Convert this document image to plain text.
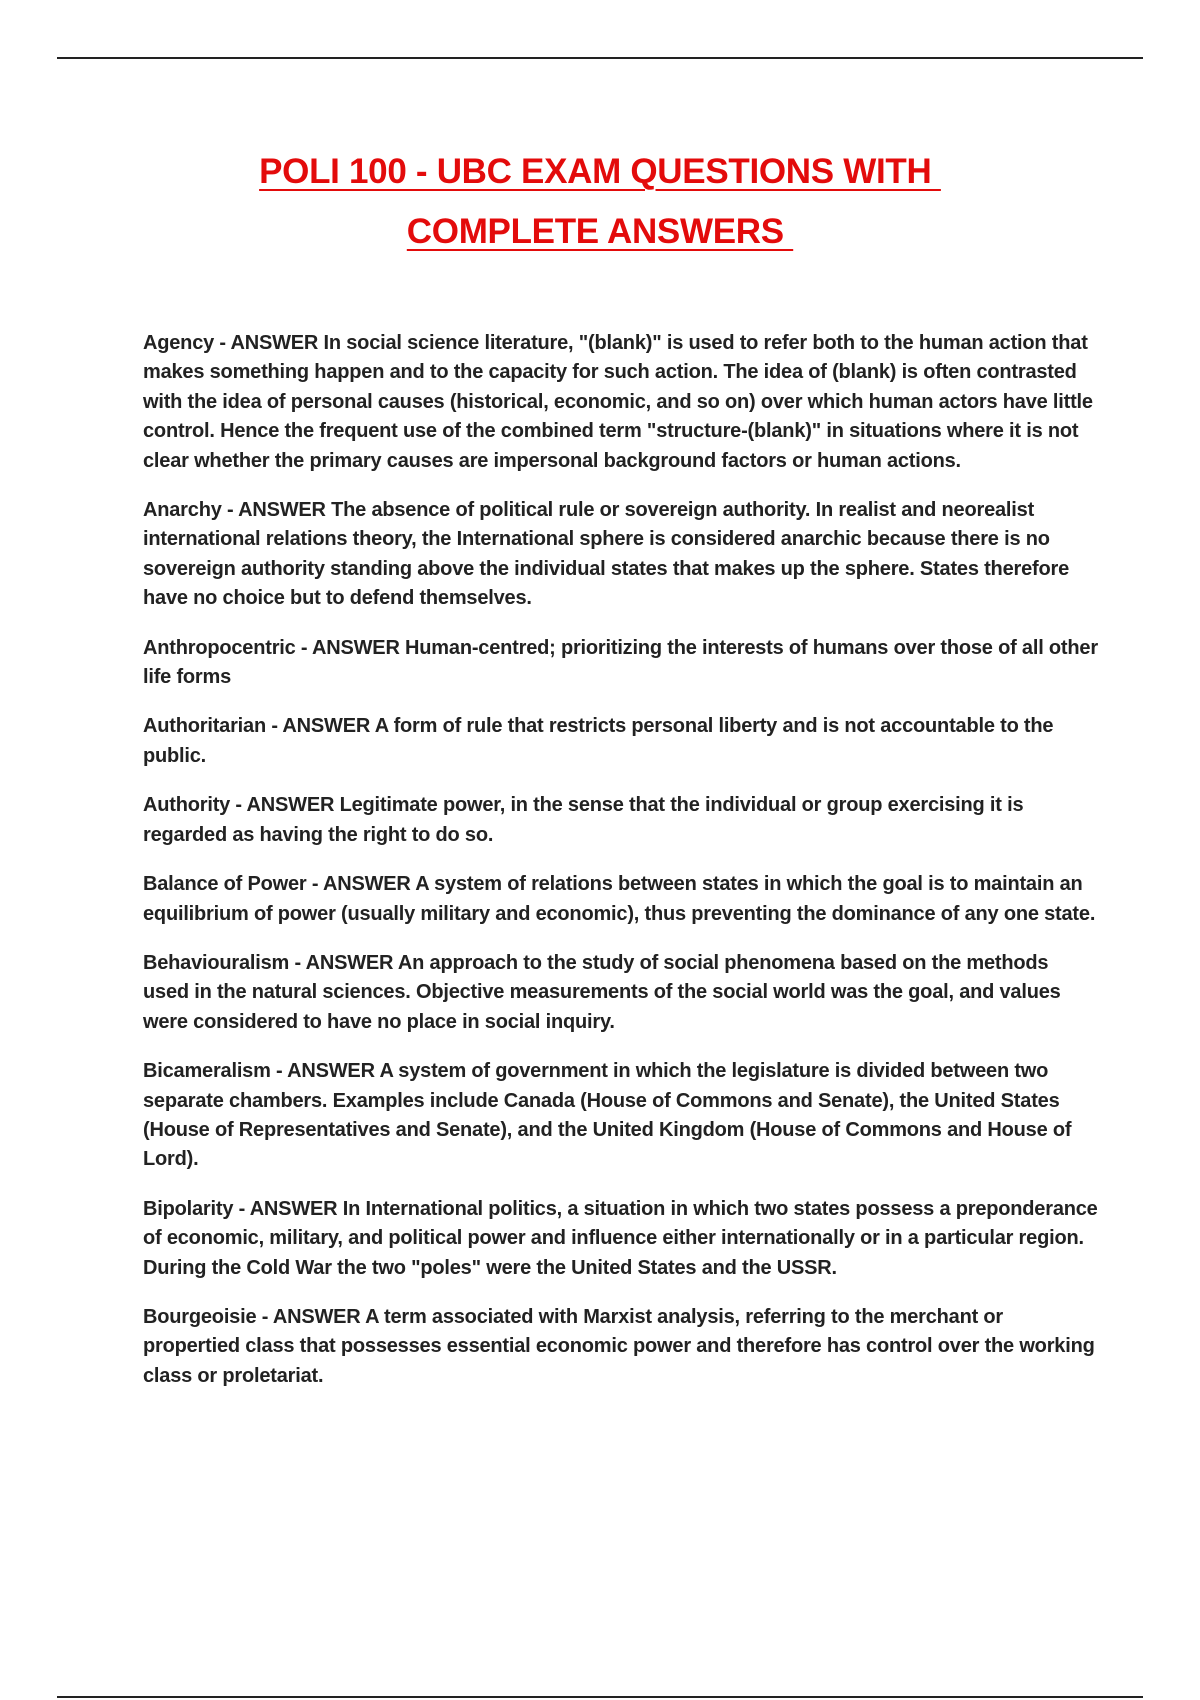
POLI 100 - UBC EXAM QUESTIONS WITH
COMPLETE ANSWERS

Agency - ANSWER In social science literature, "(blank)" is used to refer both to the human action that makes something happen and to the capacity for such action. The idea of (blank) is often contrasted with the idea of personal causes (historical, economic, and so on) over which human actors have little control. Hence the frequent use of the combined term "structure-(blank)" in situations where it is not clear whether the primary causes are impersonal background factors or human actions.

Anarchy - ANSWER The absence of political rule or sovereign authority. In realist and neorealist international relations theory, the International sphere is considered anarchic because there is no sovereign authority standing above the individual states that makes up the sphere. States therefore have no choice but to defend themselves.

Anthropocentric - ANSWER Human-centred; prioritizing the interests of humans over those of all other life forms

Authoritarian - ANSWER A form of rule that restricts personal liberty and is not accountable to the public.

Authority - ANSWER Legitimate power, in the sense that the individual or group exercising it is regarded as having the right to do so.

Balance of Power - ANSWER A system of relations between states in which the goal is to maintain an equilibrium of power (usually military and economic), thus preventing the dominance of any one state.

Behaviouralism - ANSWER An approach to the study of social phenomena based on the methods used in the natural sciences. Objective measurements of the social world was the goal, and values were considered to have no place in social inquiry.

Bicameralism - ANSWER A system of government in which the legislature is divided between two separate chambers. Examples include Canada (House of Commons and Senate), the United States (House of Representatives and Senate), and the United Kingdom (House of Commons and House of Lord).

Bipolarity - ANSWER In International politics, a situation in which two states possess a preponderance of economic, military, and political power and influence either internationally or in a particular region. During the Cold War the two "poles" were the United States and the USSR.

Bourgeoisie - ANSWER A term associated with Marxist analysis, referring to the merchant or propertied class that possesses essential economic power and therefore has control over the working class or proletariat.
